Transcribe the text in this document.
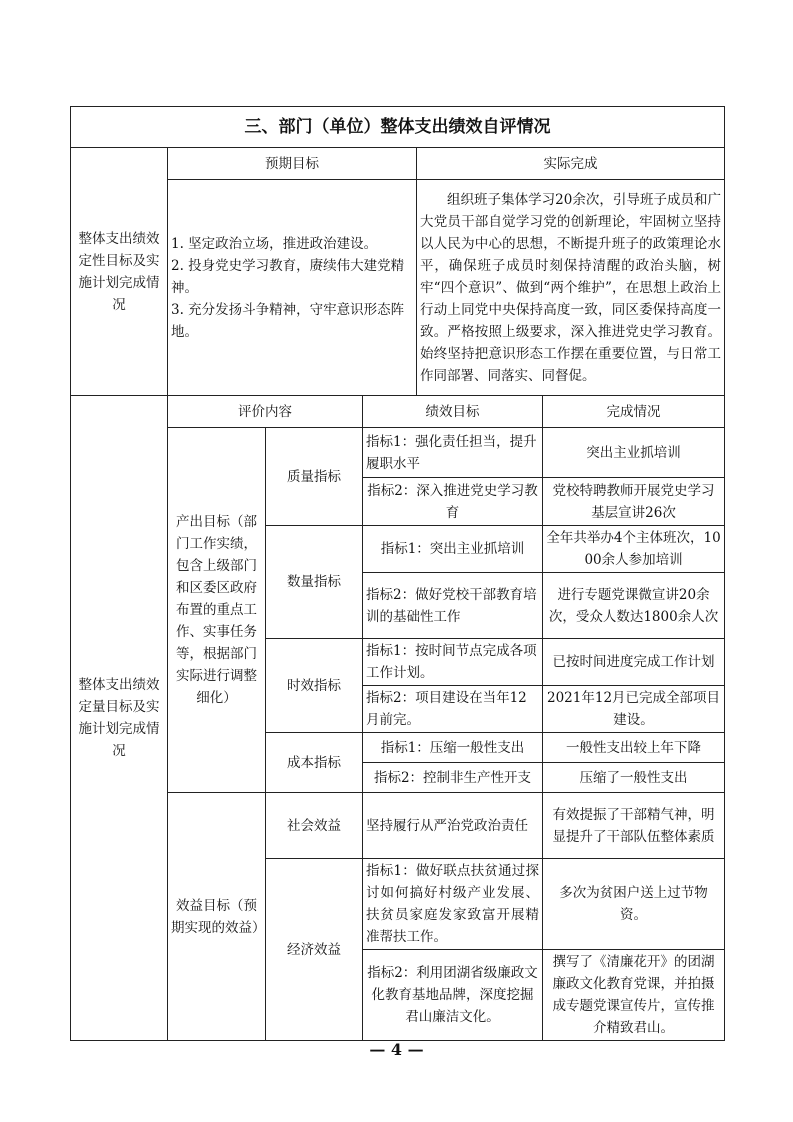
三、部门（单位）整体支出绩效自评情况					
整体支出绩效定性目标及实施计划完成情况	预期目标			实际完成	
	1. 坚定政治立场，推进政治建设。
2. 投身党史学习教育，赓续伟大建党精神。
3. 充分发扬斗争精神，守牢意识形态阵地。			组织班子集体学习20余次，引导班子成员和广大党员干部自觉学习党的创新理论，牢固树立坚持以人民为中心的思想，不断提升班子的政策理论水平，确保班子成员时刻保持清醒的政治头脑，树牢“四个意识”、做到“两个维护”，在思想上政治上行动上同党中央保持高度一致，同区委保持高度一致。严格按照上级要求，深入推进党史学习教育。始终坚持把意识形态工作摆在重要位置，与日常工作同部署、同落实、同督促。	
整体支出绩效定量目标及实施计划完成情况	评价内容		绩效目标		完成情况
	产出目标（部门工作实绩，包含上级部门和区委区政府布置的重点工作、实事任务等，根据部门实际进行调整细化）	质量指标	指标1：强化责任担当，提升履职水平		突出主业抓培训
			指标2：深入推进党史学习教育		党校特聘教师开展党史学习基层宣讲26次
		数量指标	指标1：突出主业抓培训		全年共举办4个主体班次，1000余人参加培训
			指标2：做好党校干部教育培训的基础性工作		进行专题党课微宣讲20余次，受众人数达1800余人次
		时效指标	指标1：按时间节点完成各项工作计划。		已按时间进度完成工作计划
			指标2：项目建设在当年12月前完。		2021年12月已完成全部项目建设。
		成本指标	指标1：压缩一般性支出		一般性支出较上年下降
			指标2：控制非生产性开支		压缩了一般性支出
	效益目标（预期实现的效益）	社会效益	坚持履行从严治党政治责任		有效提振了干部精气神，明显提升了干部队伍整体素质
		经济效益	指标1：做好联点扶贫通过探讨如何搞好村级产业发展、扶贫员家庭发家致富开展精准帮扶工作。		多次为贫困户送上过节物资。
			指标2：利用团湖省级廉政文化教育基地品牌，深度挖掘君山廉洁文化。		撰写了《清廉花开》的团湖廉政文化教育党课，并拍摄成专题党课宣传片，宣传推介精致君山。
— 4 —
